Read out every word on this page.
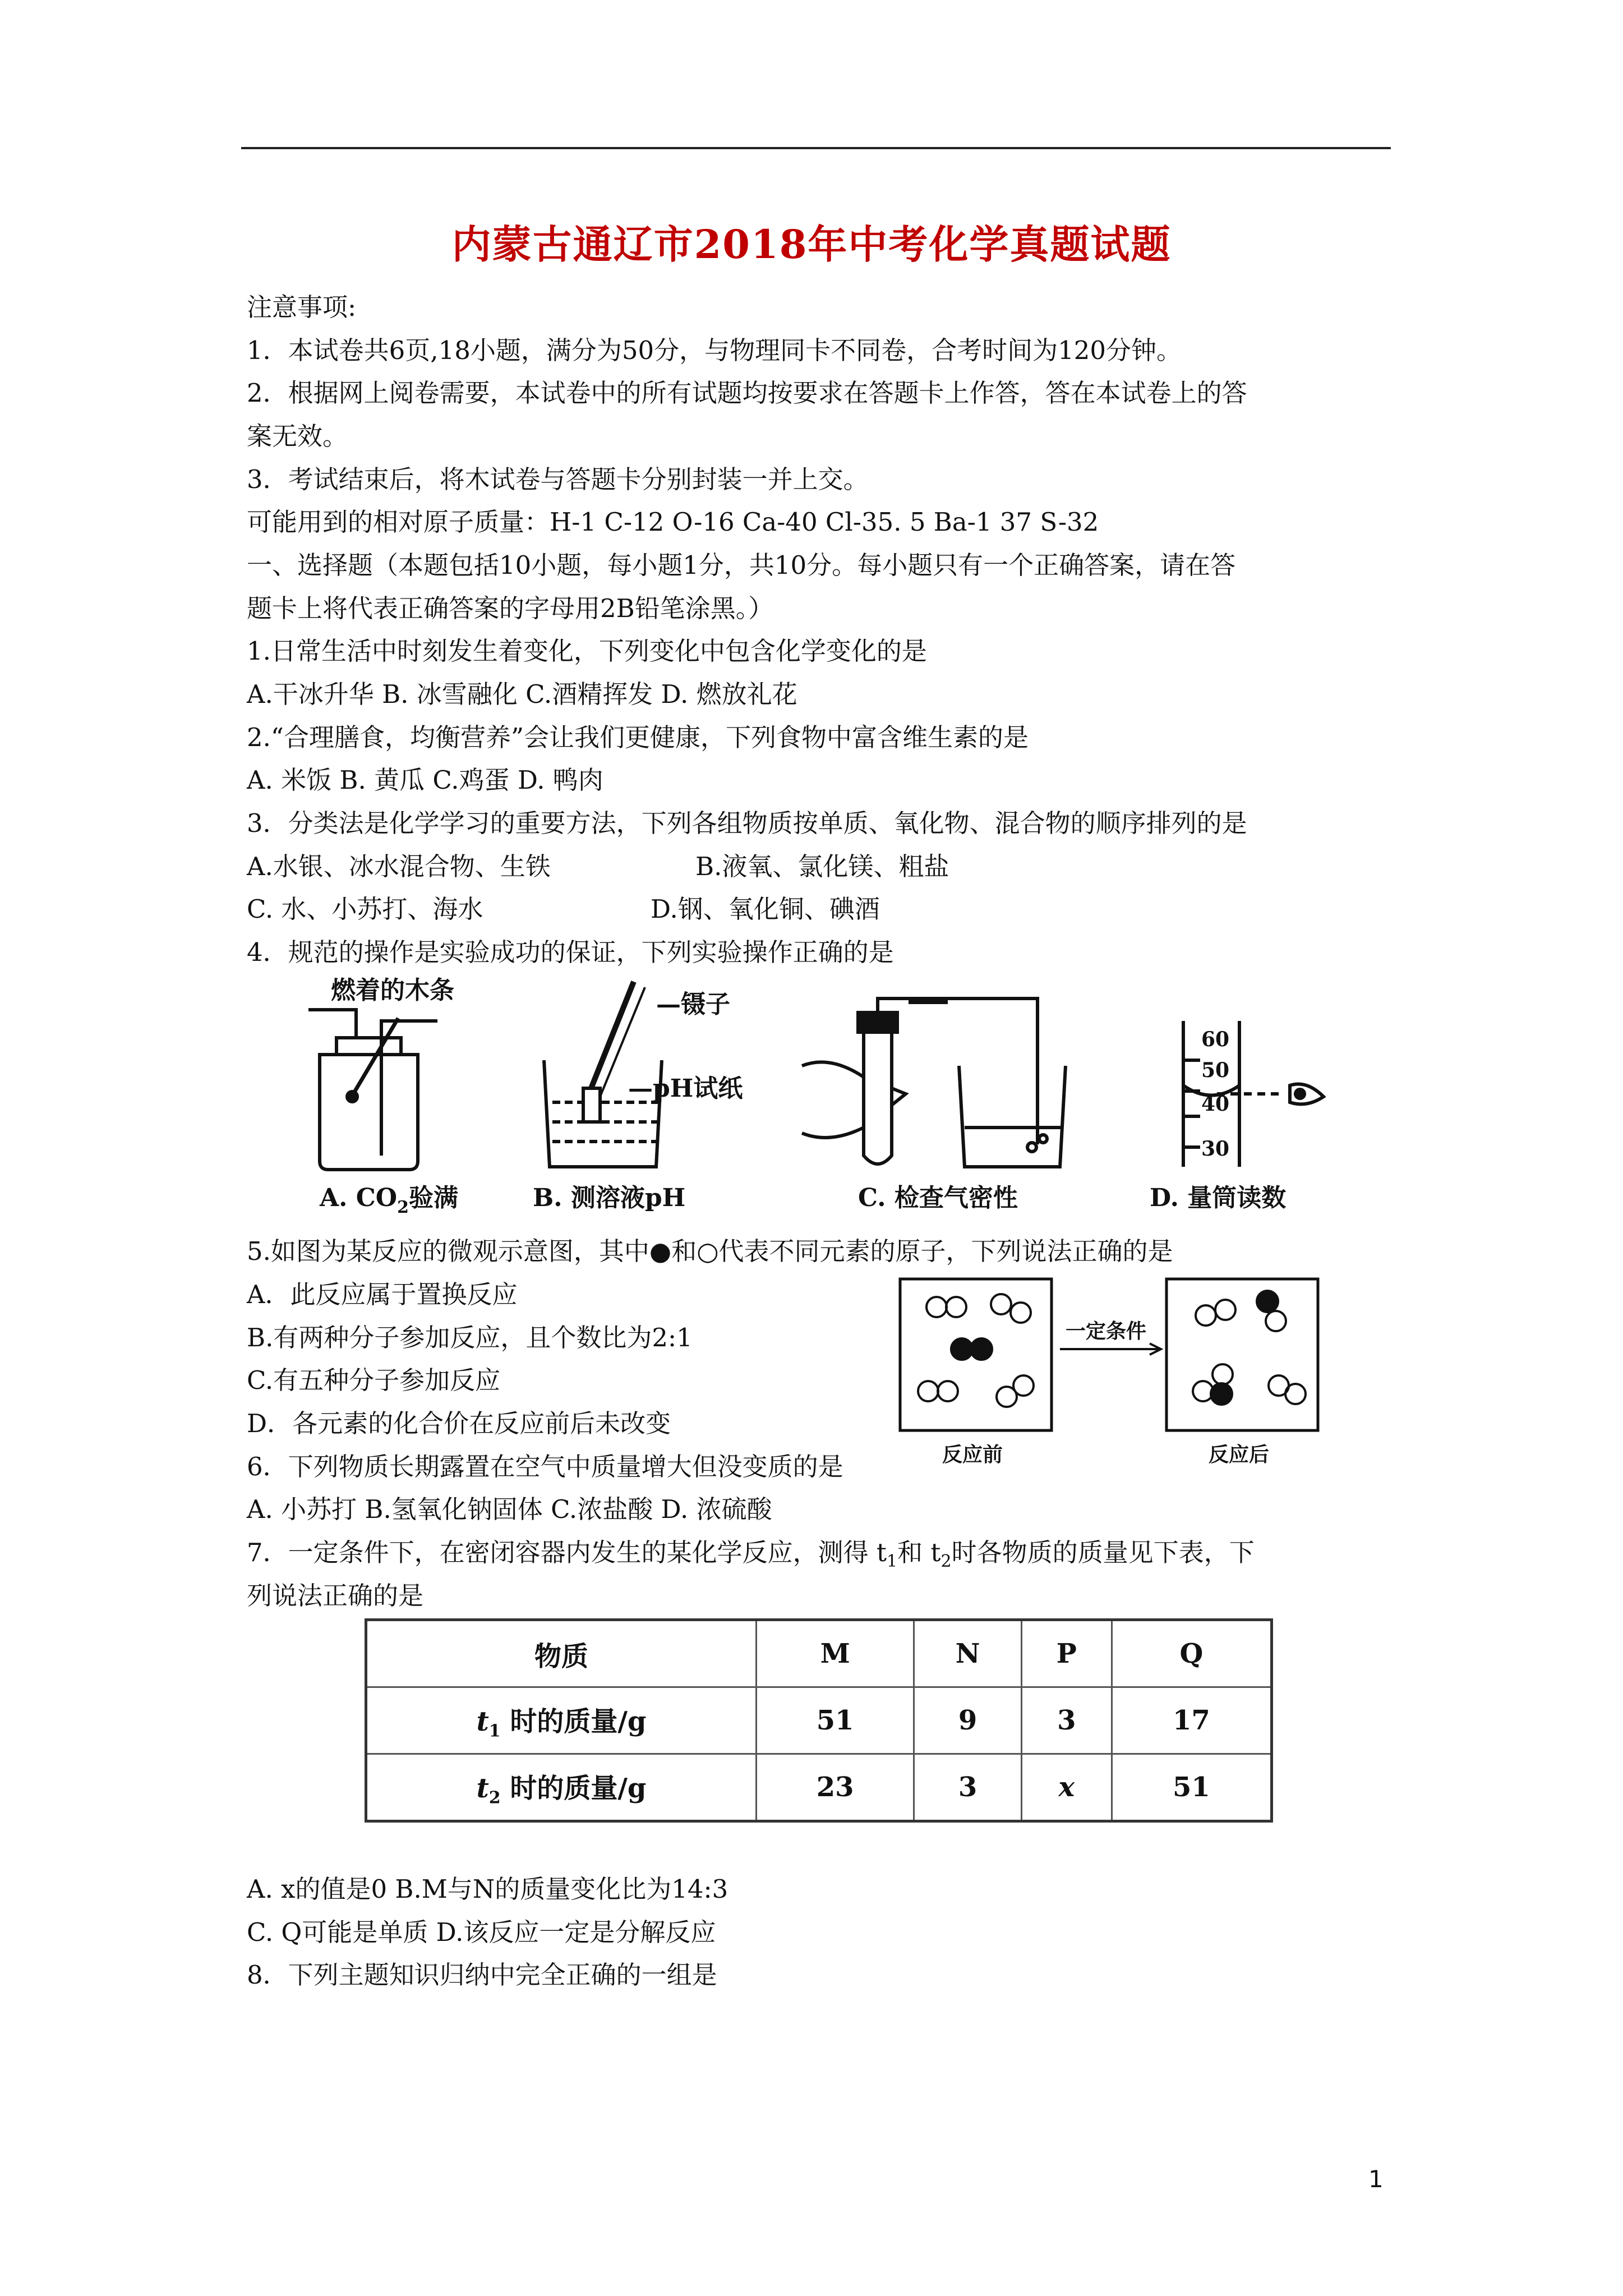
内蒙古通辽市2018年中考化学真题试题
注意事项:
1．本试卷共6页,18小题，满分为50分，与物理同卡不同卷，合考时间为120分钟。
2．根据网上阅卷需要，本试卷中的所有试题均按要求在答题卡上作答，答在本试卷上的答
案无效。
3．考试结束后，将木试卷与答题卡分别封装一并上交。
可能用到的相对原子质量：H-1 C-12 O-16 Ca-40 Cl-35. 5 Ba-1 37 S-32
一、选择题（本题包括10小题，每小题1分，共10分。每小题只有一个正确答案，请在答
题卡上将代表正确答案的字母用2B铅笔涂黑。）
1.日常生活中时刻发生着变化，下列变化中包含化学变化的是
A.干冰升华 B. 冰雪融化 C.酒精挥发 D. 燃放礼花
2.“合理膳食，均衡营养”会让我们更健康，下列食物中富含维生素的是
A. 米饭 B. 黄瓜 C.鸡蛋 D. 鸭肉
3．分类法是化学学习的重要方法，下列各组物质按单质、氧化物、混合物的顺序排列的是
A.水银、冰水混合物、生铁	B.液氧、氯化镁、粗盐
C. 水、小苏打、海水	D.钢、氧化铜、碘酒
4．规范的操作是实验成功的保证，下列实验操作正确的是
燃着的木条
A. $CO_2$验满
—镊子
—pH试纸
B. 测溶液pH	C. 检查气密性
60
50
40
30
D. 量筒读数
5.如图为某反应的微观示意图，其中●和○代表不同元素的原子，下列说法正确的是
A．此反应属于置换反应
B.有两种分子参加反应，且个数比为2:1
C.有五种分子参加反应
D．各元素的化合价在反应前后未改变
一定条件
反应前	反应后
6．下列物质长期露置在空气中质量增大但没变质的是
A. 小苏打 B.氢氧化钠固体 C.浓盐酸 D. 浓硫酸
7．一定条件下，在密闭容器内发生的某化学反应，测得 $t_1$和 $t_2$时各物质的质量见下表，下
列说法正确的是
物质	M	N	P	Q
$t_1$ 时的质量/g	51	9	3	17
$t_2$ 时的质量/g	23	3	x	51
A. x的值是0 B.M与N的质量变化比为14:3
C. Q可能是单质 D.该反应一定是分解反应
8．下列主题知识归纳中完全正确的一组是
1
